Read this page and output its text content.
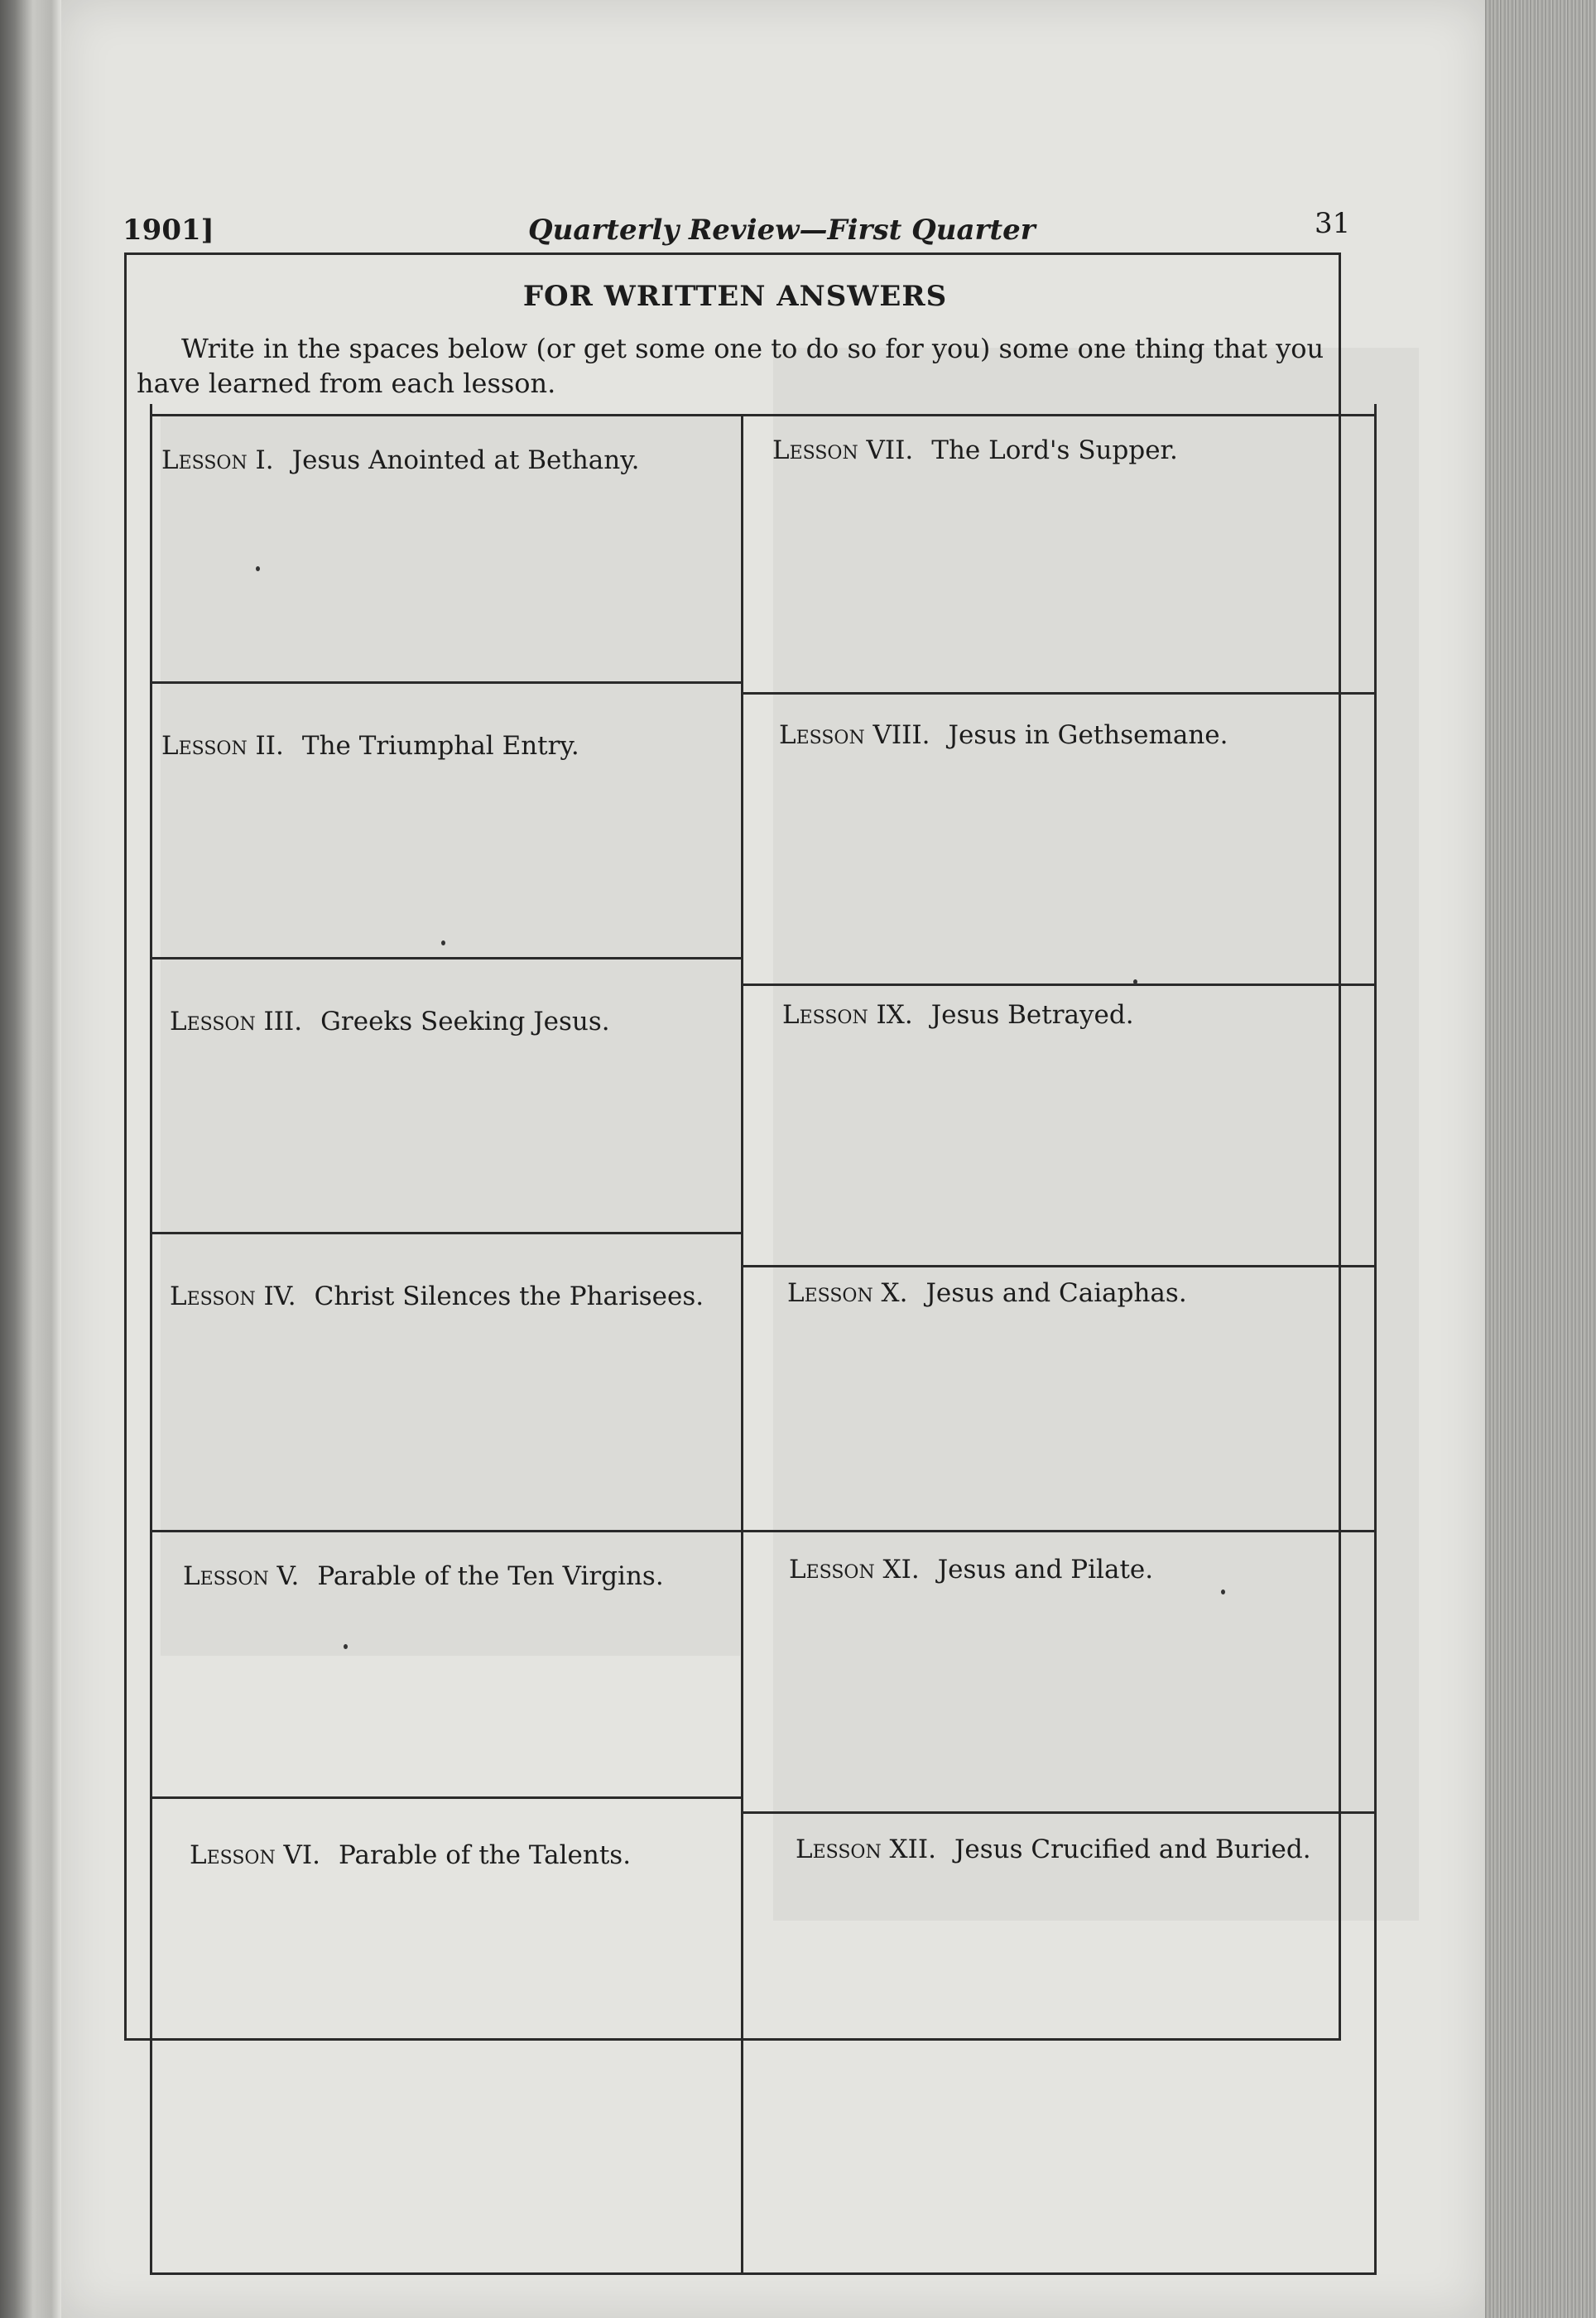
1901]	Quarterly Review—First Quarter	31
FOR WRITTEN ANSWERS
Write in the spaces below (or get some one to do so for you) some one thing that you have learned from each lesson.
Lesson I. Jesus Anointed at Bethany.
Lesson II. The Triumphal Entry.
Lesson III. Greeks Seeking Jesus.
Lesson IV. Christ Silences the Pharisees.
Lesson V. Parable of the Ten Virgins.
Lesson VI. Parable of the Talents.
Lesson VII. The Lord's Supper.
Lesson VIII. Jesus in Gethsemane.
Lesson IX. Jesus Betrayed.
Lesson X. Jesus and Caiaphas.
Lesson XI. Jesus and Pilate.
Lesson XII. Jesus Crucified and Buried.
